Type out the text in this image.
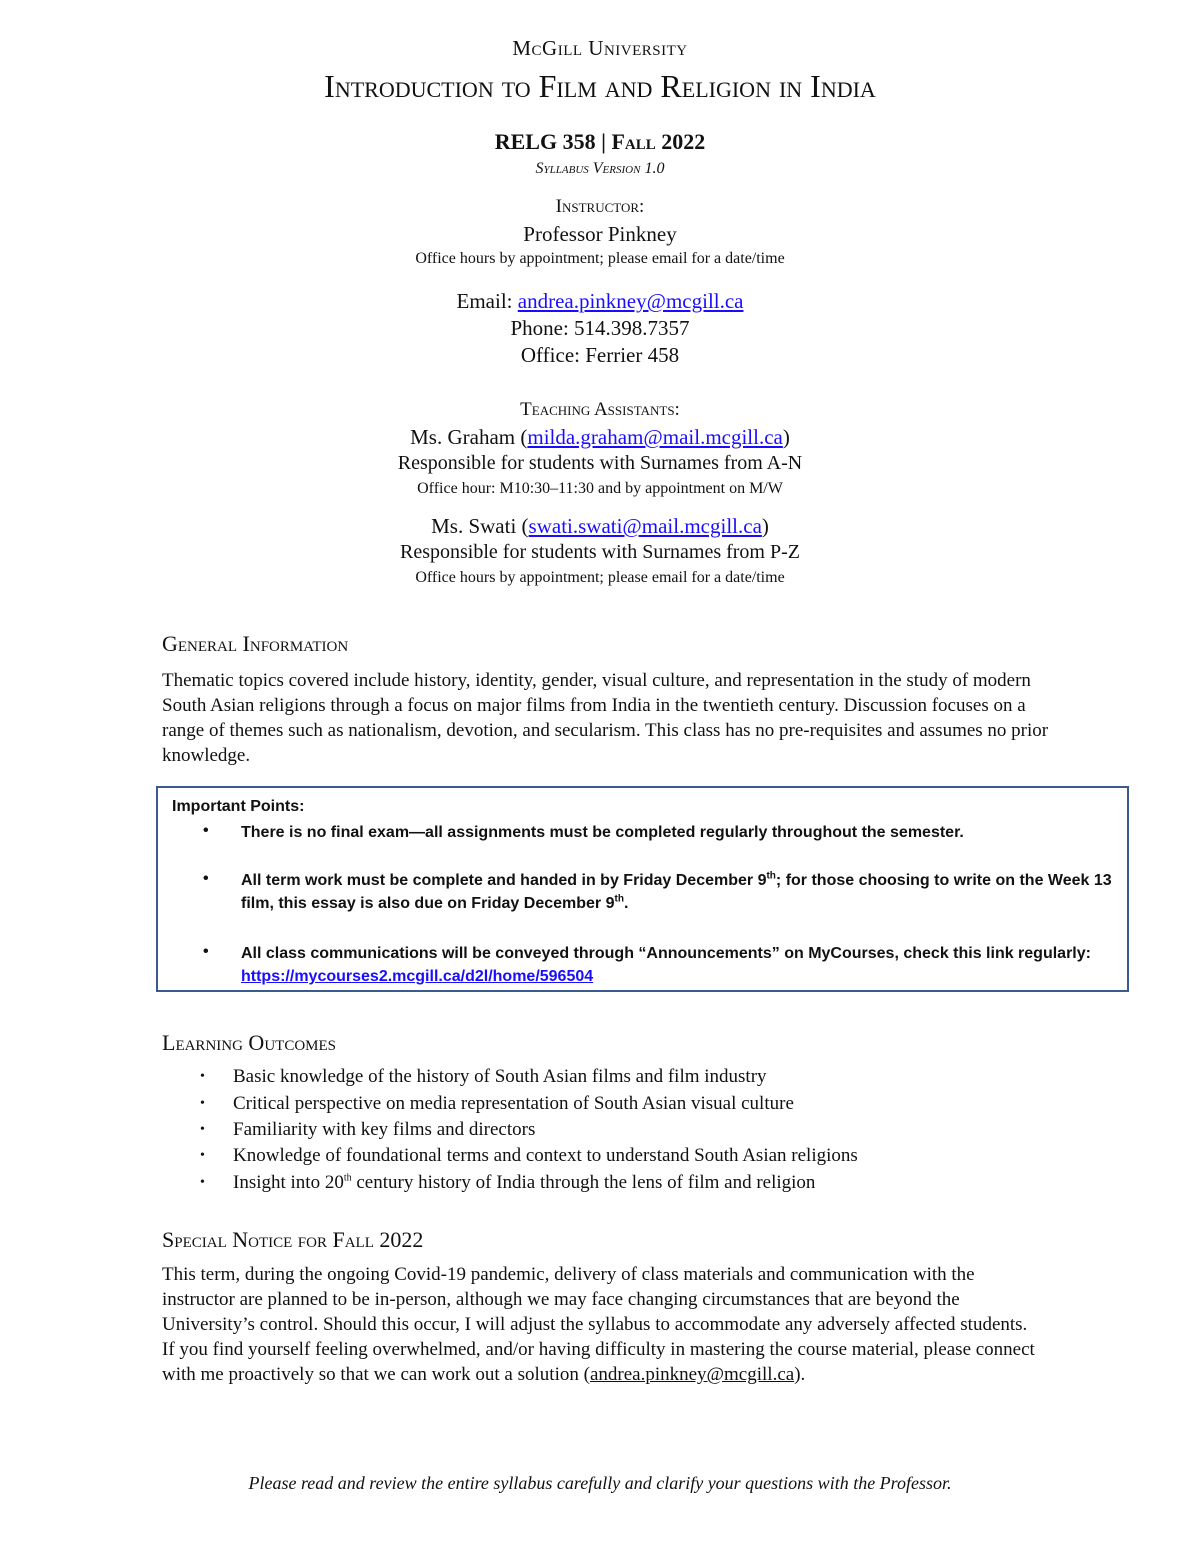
McGill University
Introduction to Film and Religion in India
RELG 358 | Fall 2022
Syllabus Version 1.0
Instructor:
Professor Pinkney
Office hours by appointment; please email for a date/time
Email: andrea.pinkney@mcgill.ca
Phone: 514.398.7357
Office: Ferrier 458
Teaching Assistants:
Ms. Graham (milda.graham@mail.mcgill.ca)
Responsible for students with Surnames from A-N
Office hour: M10:30–11:30 and by appointment on M/W
Ms. Swati (swati.swati@mail.mcgill.ca)
Responsible for students with Surnames from P-Z
Office hours by appointment; please email for a date/time
General Information
Thematic topics covered include history, identity, gender, visual culture, and representation in the study of modern South Asian religions through a focus on major films from India in the twentieth century. Discussion focuses on a range of themes such as nationalism, devotion, and secularism. This class has no pre-requisites and assumes no prior knowledge.
Important Points:
• There is no final exam—all assignments must be completed regularly throughout the semester.
• All term work must be complete and handed in by Friday December 9th; for those choosing to write on the Week 13 film, this essay is also due on Friday December 9th.
• All class communications will be conveyed through “Announcements” on MyCourses, check this link regularly:
https://mycourses2.mcgill.ca/d2l/home/596504
Learning Outcomes
• Basic knowledge of the history of South Asian films and film industry
• Critical perspective on media representation of South Asian visual culture
• Familiarity with key films and directors
• Knowledge of foundational terms and context to understand South Asian religions
• Insight into 20th century history of India through the lens of film and religion
Special Notice for Fall 2022
This term, during the ongoing Covid-19 pandemic, delivery of class materials and communication with the instructor are planned to be in-person, although we may face changing circumstances that are beyond the University’s control. Should this occur, I will adjust the syllabus to accommodate any adversely affected students. If you find yourself feeling overwhelmed, and/or having difficulty in mastering the course material, please connect with me proactively so that we can work out a solution (andrea.pinkney@mcgill.ca).
Please read and review the entire syllabus carefully and clarify your questions with the Professor.
